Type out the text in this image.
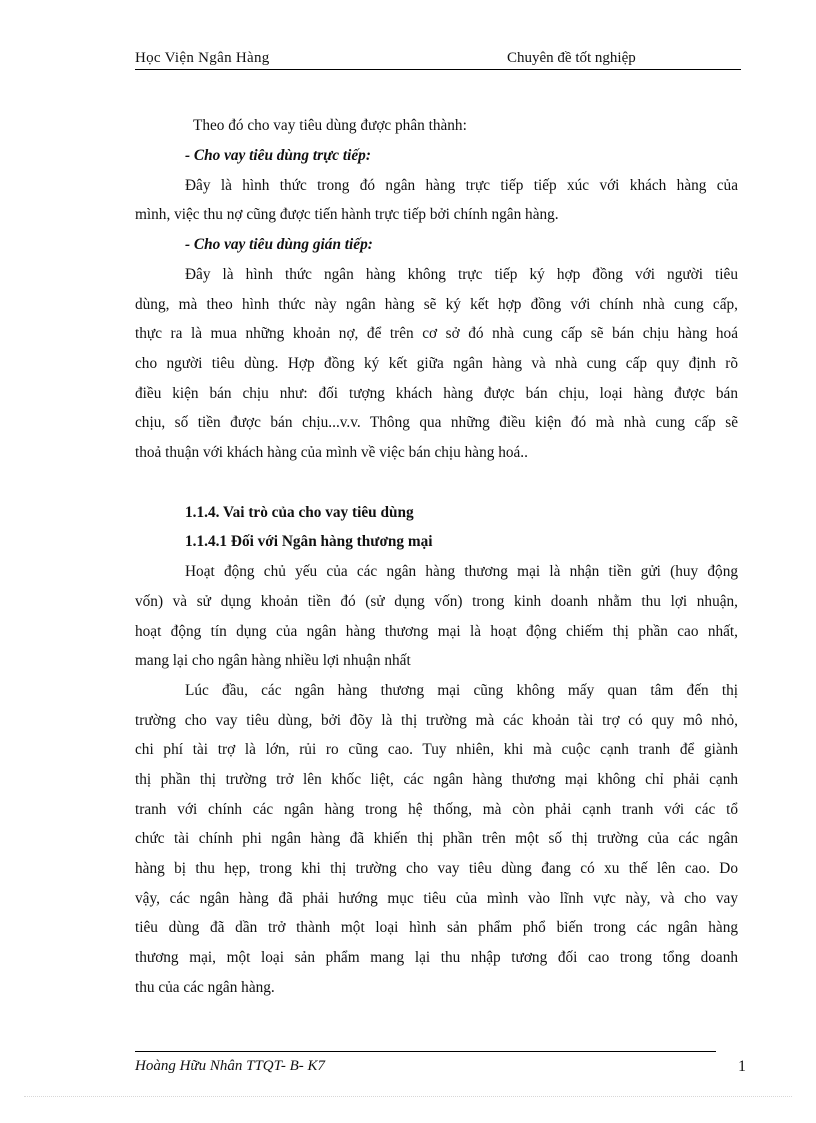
Học Viện Ngân Hàng	Chuyên đề tốt nghiệp
Theo đó cho vay tiêu dùng được phân thành:
- Cho vay tiêu dùng trực tiếp:
Đây là hình thức trong đó ngân hàng trực tiếp tiếp xúc với khách hàng của
mình, việc thu nợ cũng được tiến hành trực tiếp bởi chính ngân hàng.
- Cho vay tiêu dùng gián tiếp:
Đây là hình thức ngân hàng không trực tiếp ký hợp đồng với người tiêu
dùng, mà theo hình thức này ngân hàng sẽ ký kết hợp đồng với chính nhà cung cấp,
thực ra là mua những khoản nợ, để trên cơ sở đó nhà cung cấp sẽ bán chịu hàng hoá
cho người tiêu dùng. Hợp đồng ký kết giữa ngân hàng và nhà cung cấp quy định rõ
điều kiện bán chịu như: đối tượng khách hàng được bán chịu, loại hàng được bán
chịu, số tiền được bán chịu...v.v. Thông qua những điều kiện đó mà nhà cung cấp sẽ
thoả thuận với khách hàng của mình về việc bán chịu hàng hoá..
1.1.4. Vai trò của cho vay tiêu dùng
1.1.4.1 Đối với Ngân hàng thương mại
Hoạt động chủ yếu của các ngân hàng thương mại là nhận tiền gửi (huy động
vốn) và sử dụng khoản tiền đó (sử dụng vốn) trong kinh doanh nhằm thu lợi nhuận,
hoạt động tín dụng của ngân hàng thương mại là hoạt động chiếm thị phần cao nhất,
mang lại cho ngân hàng nhiều lợi nhuận nhất
Lúc đầu, các ngân hàng thương mại cũng không mấy quan tâm đến thị
trường cho vay tiêu dùng, bởi đõy là thị trường mà các khoản tài trợ có quy mô nhỏ,
chi phí tài trợ là lớn, rủi ro cũng cao. Tuy nhiên, khi mà cuộc cạnh tranh để giành
thị phần thị trường trở lên khốc liệt, các ngân hàng thương mại không chỉ phải cạnh
tranh với chính các ngân hàng trong hệ thống, mà còn phải cạnh tranh với các tổ
chức tài chính phi ngân hàng đã khiến thị phần trên một số thị trường của các ngân
hàng bị thu hẹp, trong khi thị trường cho vay tiêu dùng đang có xu thế lên cao. Do
vậy, các ngân hàng đã phải hướng mục tiêu của mình vào lĩnh vực này, và cho vay
tiêu dùng đã dần trở thành một loại hình sản phẩm phổ biến trong các ngân hàng
thương mại, một loại sản phẩm mang lại thu nhập tương đối cao trong tổng doanh
thu của các ngân hàng.
Hoàng Hữu Nhân TTQT- B- K7	1
